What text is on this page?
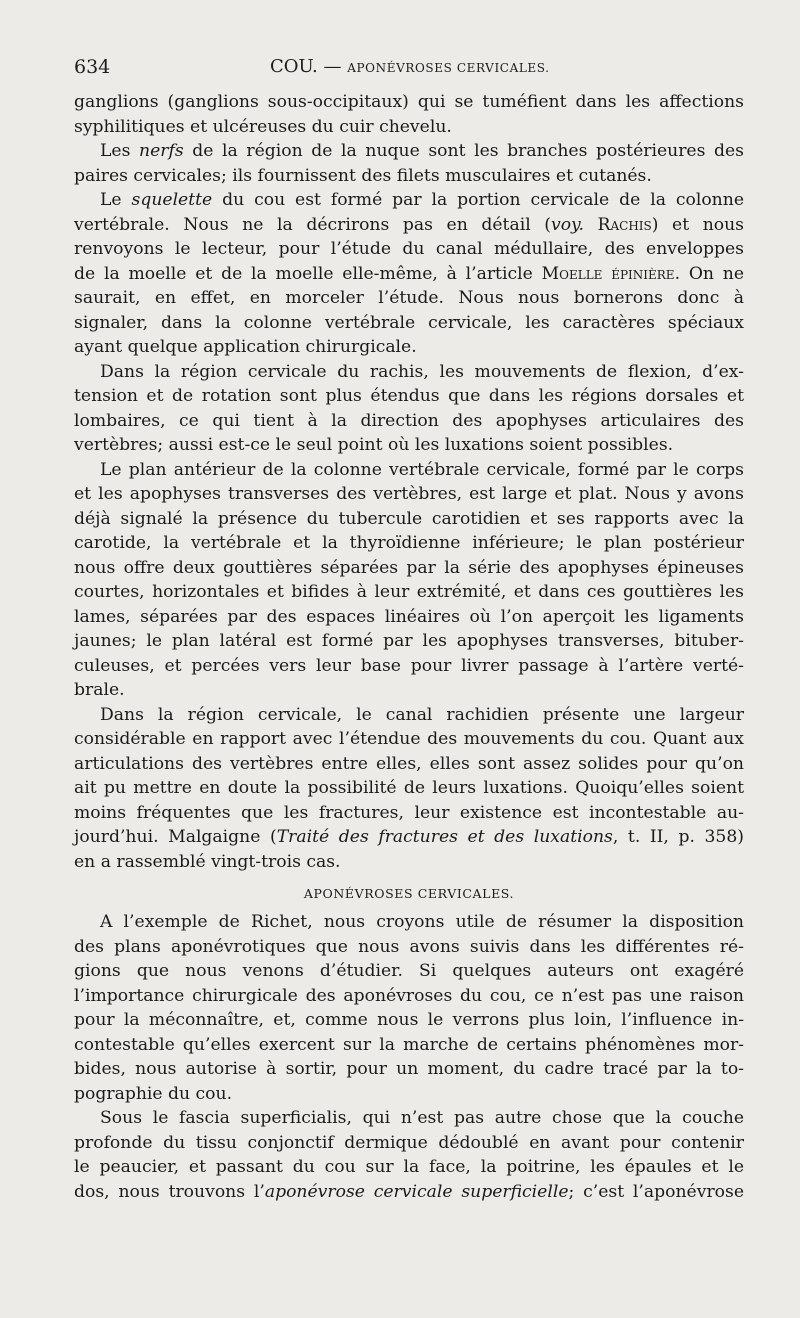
634	COU. — APONÉVROSES CERVICALES.
ganglions (ganglions sous-occipitaux) qui se tuméfient dans les affections
syphilitiques et ulcéreuses du cuir chevelu.
Les nerfs de la région de la nuque sont les branches postérieures des
paires cervicales; ils fournissent des filets musculaires et cutanés.
Le squelette du cou est formé par la portion cervicale de la colonne
vertébrale. Nous ne la décrirons pas en détail (voy. Rachis) et nous
renvoyons le lecteur, pour l’étude du canal médullaire, des enveloppes
de la moelle et de la moelle elle-même, à l’article Moelle épinière. On ne
saurait, en effet, en morceler l’étude. Nous nous bornerons donc à
signaler, dans la colonne vertébrale cervicale, les caractères spéciaux
ayant quelque application chirurgicale.
Dans la région cervicale du rachis, les mouvements de flexion, d’ex-
tension et de rotation sont plus étendus que dans les régions dorsales et
lombaires, ce qui tient à la direction des apophyses articulaires des
vertèbres; aussi est-ce le seul point où les luxations soient possibles.
Le plan antérieur de la colonne vertébrale cervicale, formé par le corps
et les apophyses transverses des vertèbres, est large et plat. Nous y avons
déjà signalé la présence du tubercule carotidien et ses rapports avec la
carotide, la vertébrale et la thyroïdienne inférieure; le plan postérieur
nous offre deux gouttières séparées par la série des apophyses épineuses
courtes, horizontales et bifides à leur extrémité, et dans ces gouttières les
lames, séparées par des espaces linéaires où l’on aperçoit les ligaments
jaunes; le plan latéral est formé par les apophyses transverses, bituber-
culeuses, et percées vers leur base pour livrer passage à l’artère verté-
brale.
Dans la région cervicale, le canal rachidien présente une largeur
considérable en rapport avec l’étendue des mouvements du cou. Quant aux
articulations des vertèbres entre elles, elles sont assez solides pour qu’on
ait pu mettre en doute la possibilité de leurs luxations. Quoiqu’elles soient
moins fréquentes que les fractures, leur existence est incontestable au-
jourd’hui. Malgaigne (Traité des fractures et des luxations, t. II, p. 358)
en a rassemblé vingt-trois cas.
APONÉVROSES CERVICALES.
A l’exemple de Richet, nous croyons utile de résumer la disposition
des plans aponévrotiques que nous avons suivis dans les différentes ré-
gions que nous venons d’étudier. Si quelques auteurs ont exagéré
l’importance chirurgicale des aponévroses du cou, ce n’est pas une raison
pour la méconnaître, et, comme nous le verrons plus loin, l’influence in-
contestable qu’elles exercent sur la marche de certains phénomènes mor-
bides, nous autorise à sortir, pour un moment, du cadre tracé par la to-
pographie du cou.
Sous le fascia superficialis, qui n’est pas autre chose que la couche
profonde du tissu conjonctif dermique dédoublé en avant pour contenir
le peaucier, et passant du cou sur la face, la poitrine, les épaules et le
dos, nous trouvons l’aponévrose cervicale superficielle; c’est l’aponévrose
